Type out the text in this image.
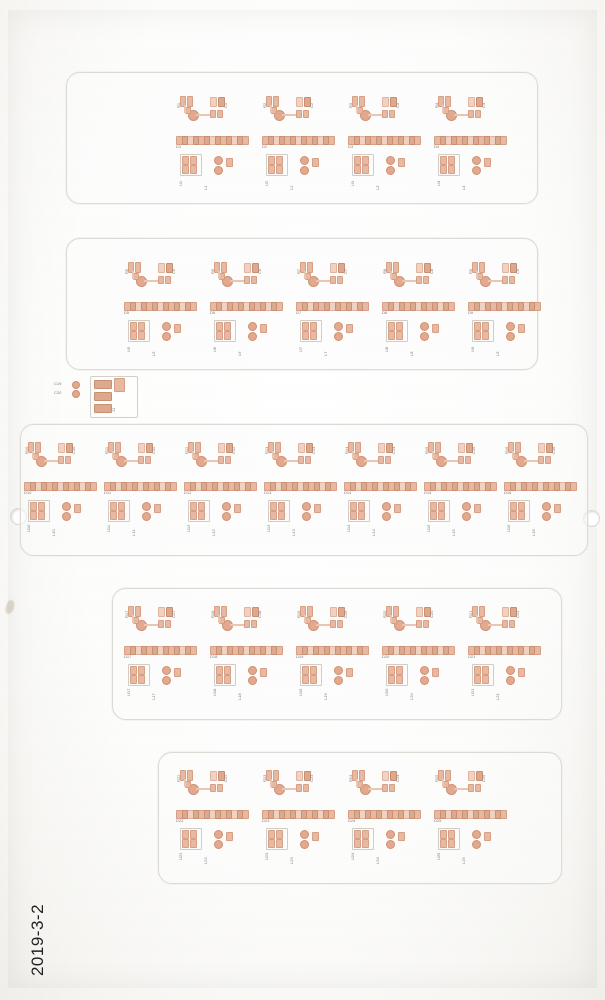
R1	C1
D1
U1
L1
R2	C2
D2
U2
L2
R3	C3
D3
U3
L3
R4	C4
D4
U4
L4
R5	C5
D5
U5
L5
R6	C6
D6
U6
L6
R7	C7
D7
U7
L7
R8	C8
D8
U8
L8
R9	C9
D9
U9
L9
R10	C10
D10
U10
L10
R11	C11
D11
U11
L11
R12	C12
D12
U12
L12
R13	C13
D13
U13
L13
R14	C14
D14
U14
L14
R15	C15
D15
U15
L15
R16	C16
D16
U16
L16
R17	C17
D17
U17
L17
R18	C18
D18
U18
L18
R19	C19
D19
U19
L19
R20	C20
D20
U20
L20
R21	C21
D21
U21
L21
R22	C22
D22
U22
L22
R23	C23
D23
U23
L23
R24	C24
D24
U24
L24
R25	C25
D25
U25
L25
C19
C20
J1
2019-3-2
